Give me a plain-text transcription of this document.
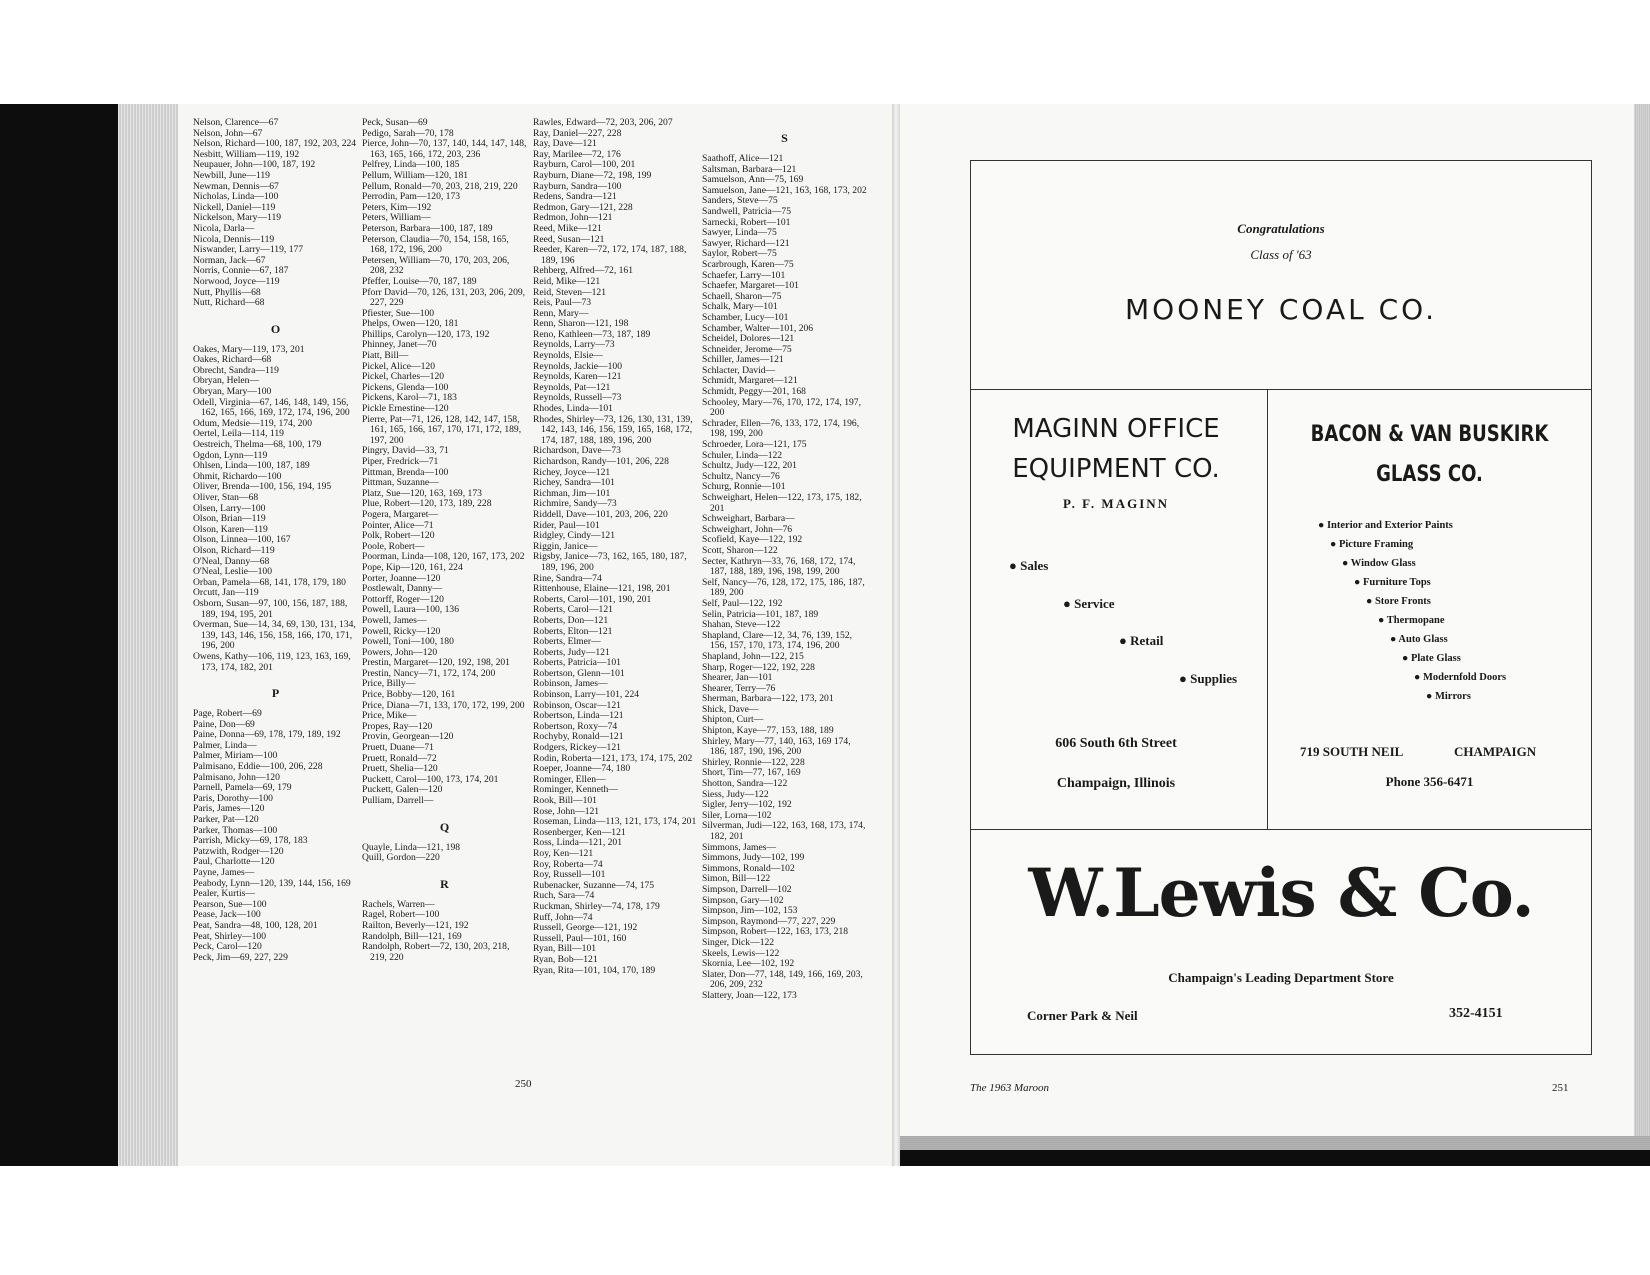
Nelson, Clarence—67
Nelson, John—67
Nelson, Richard—100, 187, 192, 203, 224
Nesbitt, William—119, 192
Neupauer, John—100, 187, 192
Newbill, June—119
Newman, Dennis—67
Nicholas, Linda—100
Nickell, Daniel—119
Nickelson, Mary—119
Nicola, Darla—
Nicola, Dennis—119
Niswander, Larry—119, 177
Norman, Jack—67
Norris, Connie—67, 187
Norwood, Joyce—119
Nutt, Phyllis—68
Nutt, Richard—68
O
Oakes, Mary—119, 173, 201
Oakes, Richard—68
Obrecht, Sandra—119
Obryan, Helen—
Obryan, Mary—100
Odell, Virginia—67, 146, 148, 149, 156, 162, 165, 166, 169, 172, 174, 196, 200
Odum, Medsie—119, 174, 200
Oertel, Leila—114, 119
Oestreich, Thelma—68, 100, 179
Ogdon, Lynn—119
Ohlsen, Linda—100, 187, 189
Ohmit, Richardo—100
Oliver, Brenda—100, 156, 194, 195
Oliver, Stan—68
Olsen, Larry—100
Olson, Brian—119
Olson, Karen—119
Olson, Linnea—100, 167
Olson, Richard—119
O'Neal, Danny—68
O'Neal, Leslie—100
Orban, Pamela—68, 141, 178, 179, 180
Orcutt, Jan—119
Osborn, Susan—97, 100, 156, 187, 188, 189, 194, 195, 201
Overman, Sue—14, 34, 69, 130, 131, 134, 139, 143, 146, 156, 158, 166, 170, 171, 196, 200
Owens, Kathy—106, 119, 123, 163, 169, 173, 174, 182, 201
P
Page, Robert—69
Paine, Don—69
Paine, Donna—69, 178, 179, 189, 192
Palmer, Linda—
Palmer, Miriam—100
Palmisano, Eddie—100, 206, 228
Palmisano, John—120
Parnell, Pamela—69, 179
Paris, Dorothy—100
Paris, James—120
Parker, Pat—120
Parker, Thomas—100
Parrish, Micky—69, 178, 183
Patzwith, Rodger—120
Paul, Charlotte—120
Payne, James—
Peabody, Lynn—120, 139, 144, 156, 169
Pealer, Kurtis—
Pearson, Sue—100
Pease, Jack—100
Peat, Sandra—48, 100, 128, 201
Peat, Shirley—100
Peck, Carol—120
Peck, Jim—69, 227, 229
Peck, Susan—69
Pedigo, Sarah—70, 178
Pierce, John—70, 137, 140, 144, 147, 148, 163, 165, 166, 172, 203, 236
Pelfrey, Linda—100, 185
Pellum, William—120, 181
Pellum, Ronald—70, 203, 218, 219, 220
Perrodin, Pam—120, 173
Peters, Kim—192
Peters, William—
Peterson, Barbara—100, 187, 189
Peterson, Claudia—70, 154, 158, 165, 168, 172, 196, 200
Petersen, William—70, 170, 203, 206, 208, 232
Pfeffer, Louise—70, 187, 189
Pforr David—70, 126, 131, 203, 206, 209, 227, 229
Pfiester, Sue—100
Phelps, Owen—120, 181
Phillips, Carolyn—120, 173, 192
Phinney, Janet—70
Piatt, Bill—
Pickel, Alice—120
Pickel, Charles—120
Pickens, Glenda—100
Pickens, Karol—71, 183
Pickle Ernestine—120
Pierre, Pat—71, 126, 128, 142, 147, 158, 161, 165, 166, 167, 170, 171, 172, 189, 197, 200
Pingry, David—33, 71
Piper, Fredrick—71
Pittman, Brenda—100
Pittman, Suzanne—
Platz, Sue—120, 163, 169, 173
Plue, Robert—120, 173, 189, 228
Pogera, Margaret—
Pointer, Alice—71
Polk, Robert—120
Poole, Robert—
Poorman, Linda—108, 120, 167, 173, 202
Pope, Kip—120, 161, 224
Porter, Joanne—120
Postlewalt, Danny—
Pottorff, Roger—120
Powell, Laura—100, 136
Powell, James—
Powell, Ricky—120
Powell, Toni—100, 180
Powers, John—120
Prestin, Margaret—120, 192, 198, 201
Prestin, Nancy—71, 172, 174, 200
Price, Billy—
Price, Bobby—120, 161
Price, Diana—71, 133, 170, 172, 199, 200
Price, Mike—
Propes, Ray—120
Provin, Georgean—120
Pruett, Duane—71
Pruett, Ronald—72
Pruett, Shelia—120
Puckett, Carol—100, 173, 174, 201
Puckett, Galen—120
Pulliam, Darrell—
Q
Quayle, Linda—121, 198
Quill, Gordon—220
R
Rachels, Warren—
Ragel, Robert—100
Railton, Beverly—121, 192
Randolph, Bill—121, 169
Randolph, Robert—72, 130, 203, 218, 219, 220
Rawles, Edward—72, 203, 206, 207
Ray, Daniel—227, 228
Ray, Dave—121
Ray, Marilee—72, 176
Rayburn, Carol—100, 201
Rayburn, Diane—72, 198, 199
Rayburn, Sandra—100
Redens, Sandra—121
Redmon, Gary—121, 228
Redmon, John—121
Reed, Mike—121
Reed, Susan—121
Reeder, Karen—72, 172, 174, 187, 188, 189, 196
Rehberg, Alfred—72, 161
Reid, Mike—121
Reid, Steven—121
Reis, Paul—73
Renn, Mary—
Renn, Sharon—121, 198
Reno, Kathleen—73, 187, 189
Reynolds, Larry—73
Reynolds, Elsie—
Reynolds, Jackie—100
Reynolds, Karen—121
Reynolds, Pat—121
Reynolds, Russell—73
Rhodes, Linda—101
Rhodes, Shirley—73, 126, 130, 131, 139, 142, 143, 146, 156, 159, 165, 168, 172, 174, 187, 188, 189, 196, 200
Richardson, Dave—73
Richardson, Randy—101, 206, 228
Richey, Joyce—121
Richey, Sandra—101
Richman, Jim—101
Richmire, Sandy—73
Riddell, Dave—101, 203, 206, 220
Rider, Paul—101
Ridgley, Cindy—121
Riggin, Janice—
Rigsby, Janice—73, 162, 165, 180, 187, 189, 196, 200
Rine, Sandra—74
Rittenhouse, Elaine—121, 198, 201
Roberts, Carol—101, 190, 201
Roberts, Carol—121
Roberts, Don—121
Roberts, Elton—121
Roberts, Elmer—
Roberts, Judy—121
Roberts, Patricia—101
Robertson, Glenn—101
Robinson, James—
Robinson, Larry—101, 224
Robinson, Oscar—121
Robertson, Linda—121
Robertson, Roxy—74
Rochyby, Ronald—121
Rodgers, Rickey—121
Rodin, Roberta—121, 173, 174, 175, 202
Roeper, Joanne—74, 180
Rominger, Ellen—
Rominger, Kenneth—
Rook, Bill—101
Rose, John—121
Roseman, Linda—113, 121, 173, 174, 201
Rosenberger, Ken—121
Ross, Linda—121, 201
Roy, Ken—121
Roy, Roberta—74
Roy, Russell—101
Rubenacker, Suzanne—74, 175
Ruch, Sara—74
Ruckman, Shirley—74, 178, 179
Ruff, John—74
Russell, George—121, 192
Russell, Paul—101, 160
Ryan, Bill—101
Ryan, Bob—121
Ryan, Rita—101, 104, 170, 189
S
Saathoff, Alice—121
Saltsman, Barbara—121
Samuelson, Ann—75, 169
Samuelson, Jane—121, 163, 168, 173, 202
Sanders, Steve—75
Sandwell, Patricia—75
Sarnecki, Robert—101
Sawyer, Linda—75
Sawyer, Richard—121
Saylor, Robert—75
Scarbrough, Karen—75
Schaefer, Larry—101
Schaefer, Margaret—101
Schaell, Sharon—75
Schalk, Mary—101
Schamber, Lucy—101
Schamber, Walter—101, 206
Scheidel, Dolores—121
Schneider, Jerome—75
Schiller, James—121
Schlacter, David—
Schmidt, Margaret—121
Schmidt, Peggy—201, 168
Schooley, Mary—76, 170, 172, 174, 197, 200
Schrader, Ellen—76, 133, 172, 174, 196, 198, 199, 200
Schroeder, Lora—121, 175
Schuler, Linda—122
Schultz, Judy—122, 201
Schultz, Nancy—76
Schurg, Ronnie—101
Schweighart, Helen—122, 173, 175, 182, 201
Schweighart, Barbara—
Schweighart, John—76
Scofield, Kaye—122, 192
Scott, Sharon—122
Secter, Kathryn—33, 76, 168, 172, 174, 187, 188, 189, 196, 198, 199, 200
Self, Nancy—76, 128, 172, 175, 186, 187, 189, 200
Self, Paul—122, 192
Selin, Patricia—101, 187, 189
Shahan, Steve—122
Shapland, Clare—12, 34, 76, 139, 152, 156, 157, 170, 173, 174, 196, 200
Shapland, John—122, 215
Sharp, Roger—122, 192, 228
Shearer, Jan—101
Shearer, Terry—76
Sherman, Barbara—122, 173, 201
Shick, Dave—
Shipton, Curt—
Shipton, Kaye—77, 153, 188, 189
Shirley, Mary—77, 140, 163, 169 174, 186, 187, 190, 196, 200
Shirley, Ronnie—122, 228
Short, Tim—77, 167, 169
Shotton, Sandra—122
Siess, Judy—122
Sigler, Jerry—102, 192
Siler, Lorna—102
Silverman, Judi—122, 163, 168, 173, 174, 182, 201
Simmons, James—
Simmons, Judy—102, 199
Simmons, Ronald—102
Simon, Bill—122
Simpson, Darrell—102
Simpson, Gary—102
Simpson, Jim—102, 153
Simpson, Raymond—77, 227, 229
Simpson, Robert—122, 163, 173, 218
Singer, Dick—122
Skeels, Lewis—122
Skornia, Lee—102, 192
Slater, Don—77, 148, 149, 166, 169, 203, 206, 209, 232
Slattery, Joan—122, 173
250
Congratulations
Class of '63
MOONEY COAL CO.
MAGINN OFFICE
EQUIPMENT CO.
P. F. MAGINN
● Sales
● Service
● Retail
● Supplies
606 South 6th Street
Champaign, Illinois
BACON & VAN BUSKIRK
GLASS CO.
● Interior and Exterior Paints
● Picture Framing
● Window Glass
● Furniture Tops
● Store Fronts
● Thermopane
● Auto Glass
● Plate Glass
● Modernfold Doors
● Mirrors
719 SOUTH NEIL	CHAMPAIGN
Phone 356-6471
W.Lewis & Co.
Champaign's Leading Department Store
Corner Park & Neil	352-4151
The 1963 Maroon	251
